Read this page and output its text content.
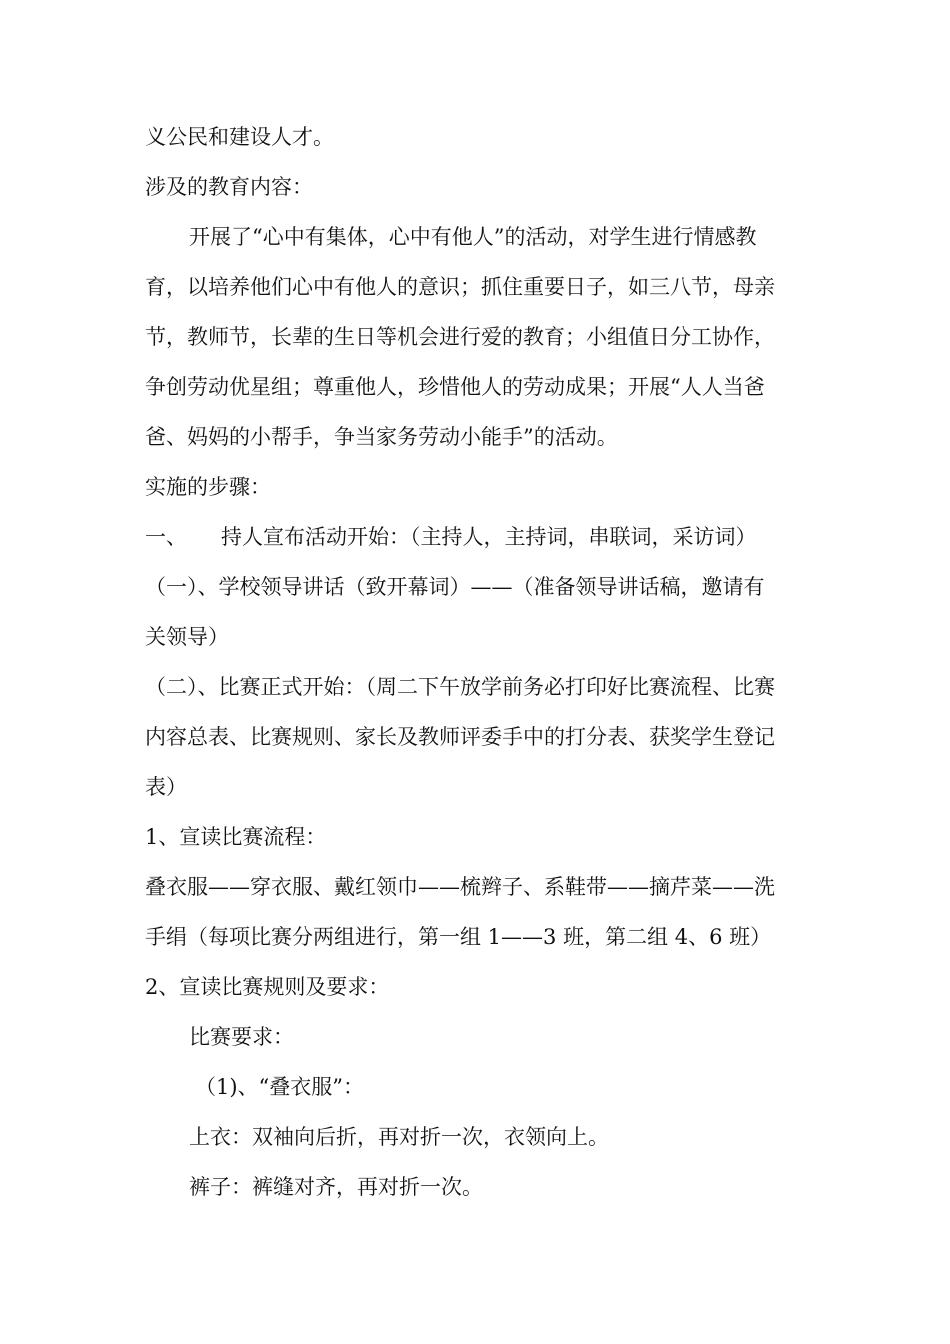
义公民和建设人才。
涉及的教育内容：
开展了“心中有集体，心中有他人”的活动，对学生进行情感教
育，以培养他们心中有他人的意识；抓住重要日子，如三八节，母亲
节，教师节，长辈的生日等机会进行爱的教育；小组值日分工协作，
争创劳动优星组；尊重他人，珍惜他人的劳动成果；开展“人人当爸
爸、妈妈的小帮手，争当家务劳动小能手”的活动。
实施的步骤：
一、 持人宣布活动开始：（主持人，主持词，串联词，采访词）
（一）、学校领导讲话（致开幕词）——（准备领导讲话稿，邀请有
关领导）
（二）、比赛正式开始：（周二下午放学前务必打印好比赛流程、比赛
内容总表、比赛规则、家长及教师评委手中的打分表、获奖学生登记
表）
1、宣读比赛流程：
叠衣服——穿衣服、戴红领巾——梳辫子、系鞋带——摘芹菜——洗
手绢（每项比赛分两组进行，第一组 1——3 班，第二组 4、6 班）
2、宣读比赛规则及要求：
比赛要求：
（1)、“叠衣服”：
上衣：双袖向后折，再对折一次，衣领向上。
裤子：裤缝对齐，再对折一次。
